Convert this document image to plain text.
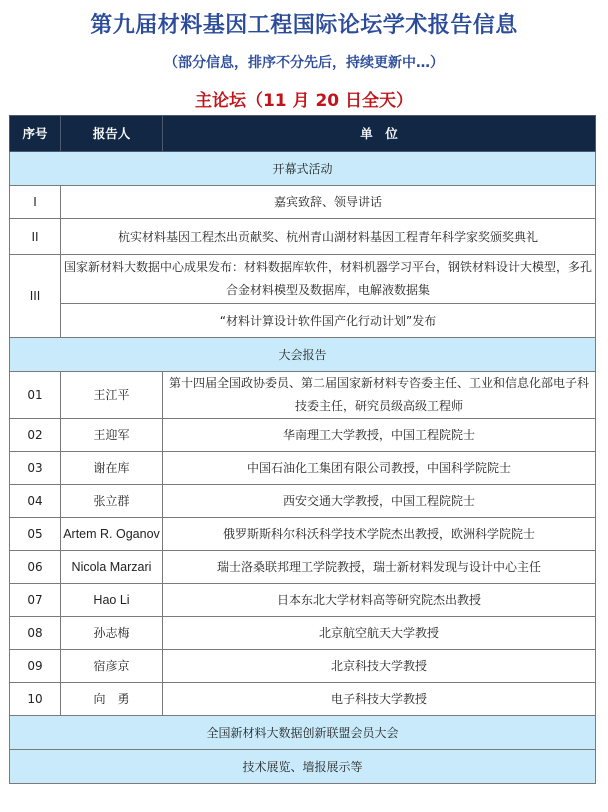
第九届材料基因工程国际论坛学术报告信息
（部分信息，排序不分先后，持续更新中…）
主论坛（11 月 20 日全天）
序号	报告人	单　位
开幕式活动		
I	嘉宾致辞、领导讲话	
II	杭实材料基因工程杰出贡献奖、杭州青山湖材料基因工程青年科学家奖颁奖典礼	
III	国家新材料大数据中心成果发布：材料数据库软件，材料机器学习平台，钢铁材料设计大模型，多孔合金材料模型及数据库，电解液数据集	
	“材料计算设计软件国产化行动计划”发布	
大会报告		
01	王江平	第十四届全国政协委员、第二届国家新材料专咨委主任、工业和信息化部电子科技委主任，研究员级高级工程师
02	王迎军	华南理工大学教授，中国工程院院士
03	谢在库	中国石油化工集团有限公司教授，中国科学院院士
04	张立群	西安交通大学教授，中国工程院院士
05	Artem R. Oganov	俄罗斯斯科尔科沃科学技术学院杰出教授，欧洲科学院院士
06	Nicola Marzari	瑞士洛桑联邦理工学院教授，瑞士新材料发现与设计中心主任
07	Hao Li	日本东北大学材料高等研究院杰出教授
08	孙志梅	北京航空航天大学教授
09	宿彦京	北京科技大学教授
10	向　勇	电子科技大学教授
全国新材料大数据创新联盟会员大会		
技术展览、墙报展示等		
